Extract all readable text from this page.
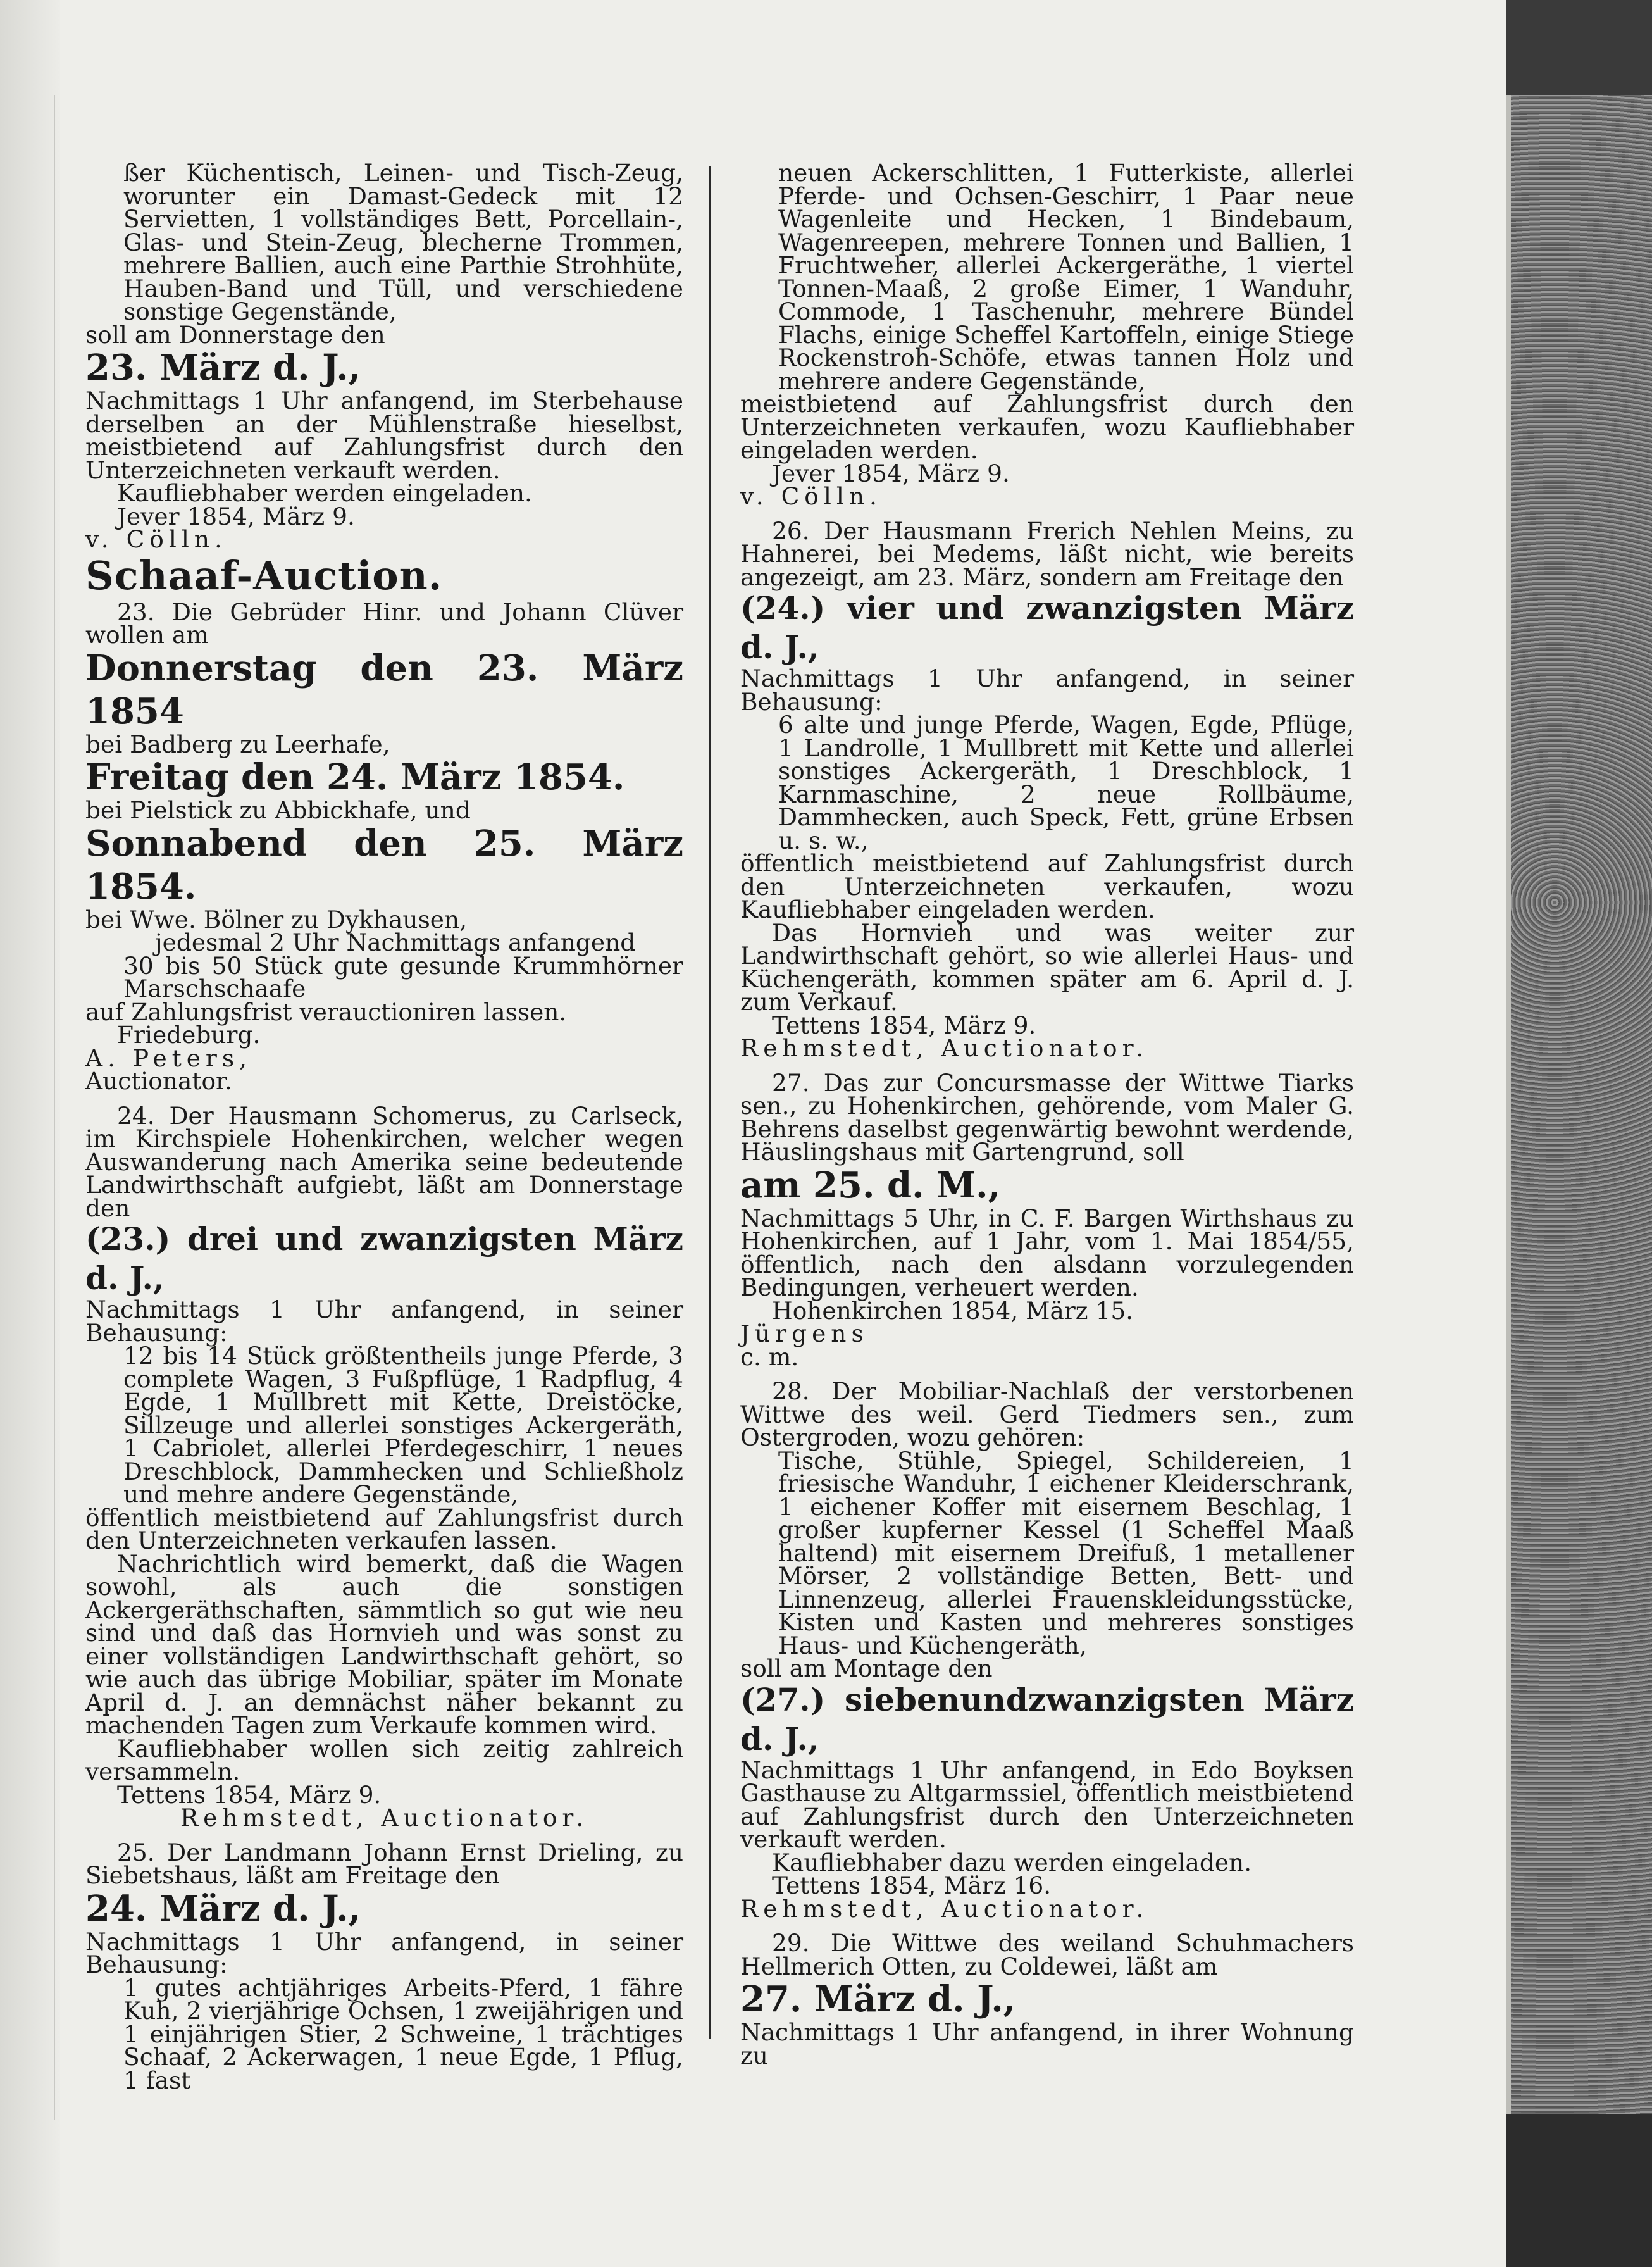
ßer Küchentisch, Leinen- und Tisch-Zeug, worunter ein Damast-Gedeck mit 12 Servietten, 1 vollständiges Bett, Porcellain-, Glas- und Stein-Zeug, blecherne Trommen, mehrere Ballien, auch eine Parthie Strohhüte, Hauben-Band und Tüll, und verschiedene sonstige Gegenstände,

soll am Donnerstage den

23. März d. J.,

Nachmittags 1 Uhr anfangend, im Sterbehause derselben an der Mühlenstraße hieselbst, meistbietend auf Zahlungsfrist durch den Unterzeichneten verkauft werden.

Kaufliebhaber werden eingeladen.

Jever 1854, März 9.

v. Cölln.

Schaaf-Auction.

23. Die Gebrüder Hinr. und Johann Clüver wollen am

Donnerstag den 23. März 1854

bei Badberg zu Leerhafe,

Freitag den 24. März 1854.

bei Pielstick zu Abbickhafe, und

Sonnabend den 25. März 1854.

bei Wwe. Bölner zu Dykhausen,

jedesmal 2 Uhr Nachmittags anfangend

30 bis 50 Stück gute gesunde Krummhörner Marschschaafe

auf Zahlungsfrist verauctioniren lassen.

Friedeburg.

A. Peters,

Auctionator.

24. Der Hausmann Schomerus, zu Carlseck, im Kirchspiele Hohenkirchen, welcher wegen Auswanderung nach Amerika seine bedeutende Landwirthschaft aufgiebt, läßt am Donnerstage den

(23.) drei und zwanzigsten März d. J.,

Nachmittags 1 Uhr anfangend, in seiner Behausung:

12 bis 14 Stück größtentheils junge Pferde, 3 complete Wagen, 3 Fußpflüge, 1 Radpflug, 4 Egde, 1 Mullbrett mit Kette, Dreistöcke, Sillzeuge und allerlei sonstiges Ackergeräth, 1 Cabriolet, allerlei Pferdegeschirr, 1 neues Dreschblock, Dammhecken und Schließholz und mehre andere Gegenstände,

öffentlich meistbietend auf Zahlungsfrist durch den Unterzeichneten verkaufen lassen.

Nachrichtlich wird bemerkt, daß die Wagen sowohl, als auch die sonstigen Ackergeräthschaften, sämmtlich so gut wie neu sind und daß das Hornvieh und was sonst zu einer vollständigen Landwirthschaft gehört, so wie auch das übrige Mobiliar, später im Monate April d. J. an demnächst näher bekannt zu machenden Tagen zum Verkaufe kommen wird.

Kaufliebhaber wollen sich zeitig zahlreich versammeln.

Tettens 1854, März 9.

Rehmstedt, Auctionator.

25. Der Landmann Johann Ernst Drieling, zu Siebetshaus, läßt am Freitage den

24. März d. J.,

Nachmittags 1 Uhr anfangend, in seiner Behausung:

1 gutes achtjähriges Arbeits-Pferd, 1 fähre Kuh, 2 vierjährige Ochsen, 1 zweijährigen und 1 einjährigen Stier, 2 Schweine, 1 trächtiges Schaaf, 2 Ackerwagen, 1 neue Egde, 1 Pflug, 1 fast

neuen Ackerschlitten, 1 Futterkiste, allerlei Pferde- und Ochsen-Geschirr, 1 Paar neue Wagenleite und Hecken, 1 Bindebaum, Wagenreepen, mehrere Tonnen und Ballien, 1 Fruchtweher, allerlei Ackergeräthe, 1 viertel Tonnen-Maaß, 2 große Eimer, 1 Wanduhr, Commode, 1 Taschenuhr, mehrere Bündel Flachs, einige Scheffel Kartoffeln, einige Stiege Rockenstroh-Schöfe, etwas tannen Holz und mehrere andere Gegenstände,

meistbietend auf Zahlungsfrist durch den Unterzeichneten verkaufen, wozu Kaufliebhaber eingeladen werden.

Jever 1854, März 9.

v. Cölln.

26. Der Hausmann Frerich Nehlen Meins, zu Hahnerei, bei Medems, läßt nicht, wie bereits angezeigt, am 23. März, sondern am Freitage den

(24.) vier und zwanzigsten März d. J.,

Nachmittags 1 Uhr anfangend, in seiner Behausung:

6 alte und junge Pferde, Wagen, Egde, Pflüge, 1 Landrolle, 1 Mullbrett mit Kette und allerlei sonstiges Ackergeräth, 1 Dreschblock, 1 Karnmaschine, 2 neue Rollbäume, Dammhecken, auch Speck, Fett, grüne Erbsen u. s. w.,

öffentlich meistbietend auf Zahlungsfrist durch den Unterzeichneten verkaufen, wozu Kaufliebhaber eingeladen werden.

Das Hornvieh und was weiter zur Landwirthschaft gehört, so wie allerlei Haus- und Küchengeräth, kommen später am 6. April d. J. zum Verkauf.

Tettens 1854, März 9.

Rehmstedt, Auctionator.

27. Das zur Concursmasse der Wittwe Tiarks sen., zu Hohenkirchen, gehörende, vom Maler G. Behrens daselbst gegenwärtig bewohnt werdende, Häuslingshaus mit Gartengrund, soll

am 25. d. M.,

Nachmittags 5 Uhr, in C. F. Bargen Wirthshaus zu Hohenkirchen, auf 1 Jahr, vom 1. Mai 1854/55, öffentlich, nach den alsdann vorzulegenden Bedingungen, verheuert werden.

Hohenkirchen 1854, März 15.

Jürgens

c. m.

28. Der Mobiliar-Nachlaß der verstorbenen Wittwe des weil. Gerd Tiedmers sen., zum Ostergroden, wozu gehören:

Tische, Stühle, Spiegel, Schildereien, 1 friesische Wanduhr, 1 eichener Kleiderschrank, 1 eichener Koffer mit eisernem Beschlag, 1 großer kupferner Kessel (1 Scheffel Maaß haltend) mit eisernem Dreifuß, 1 metallener Mörser, 2 vollständige Betten, Bett- und Linnenzeug, allerlei Frauenskleidungsstücke, Kisten und Kasten und mehreres sonstiges Haus- und Küchengeräth,

soll am Montage den

(27.) siebenundzwanzigsten März d. J.,

Nachmittags 1 Uhr anfangend, in Edo Boyksen Gasthause zu Altgarmssiel, öffentlich meistbietend auf Zahlungsfrist durch den Unterzeichneten verkauft werden.

Kaufliebhaber dazu werden eingeladen.

Tettens 1854, März 16.

Rehmstedt, Auctionator.

29. Die Wittwe des weiland Schuhmachers Hellmerich Otten, zu Coldewei, läßt am

27. März d. J.,

Nachmittags 1 Uhr anfangend, in ihrer Wohnung zu
